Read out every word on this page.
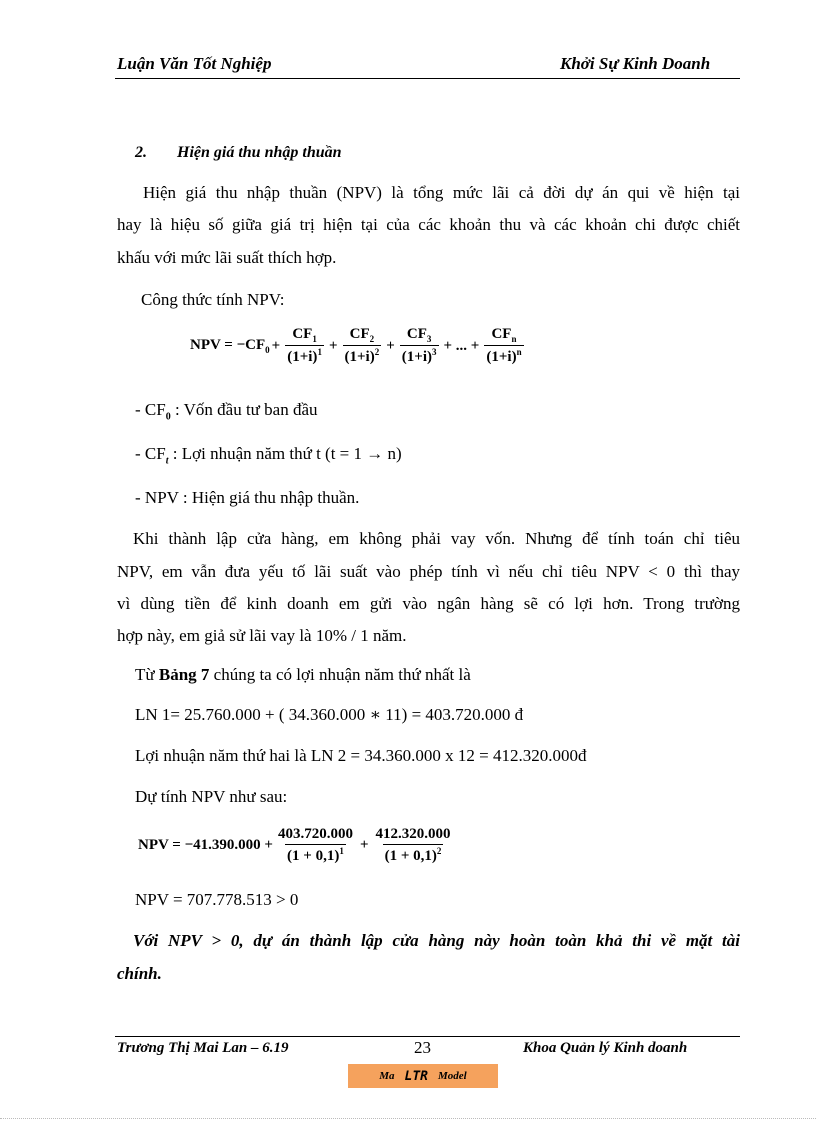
Luận Văn Tốt Nghiệp	Khởi Sự Kinh Doanh
2. Hiện giá thu nhập thuần
Hiện giá thu nhập thuần (NPV) là tổng mức lãi cả đời dự án qui về hiện tại
hay là hiệu số giữa giá trị hiện tại của các khoản thu và các khoản chi được chiết
khấu với mức lãi suất thích hợp.
Công thức tính NPV:
NPV = $-CF_0 + \frac{CF_1}{(1+i)^1} + \frac{CF_2}{(1+i)^2} + \frac{CF_3}{(1+i)^3}$ + ... + $\frac{CF_n}{(1+i)^n}$
- $CF_0$ : Vốn đầu tư ban đầu
- $CF_t$ : Lợi nhuận năm thứ t (t = 1 → n)
- NPV : Hiện giá thu nhập thuần.
Khi thành lập cửa hàng, em không phải vay vốn. Nhưng để tính toán chỉ tiêu
NPV, em vẫn đưa yếu tố lãi suất vào phép tính vì nếu chỉ tiêu NPV < 0 thì thay
vì dùng tiền để kinh doanh em gửi vào ngân hàng sẽ có lợi hơn. Trong trường
hợp này, em giả sử lãi vay là 10% / 1 năm.
Từ Bảng 7 chúng ta có lợi nhuận năm thứ nhất là
LN 1= 25.760.000 + ( 34.360.000 ∗ 11) = 403.720.000 đ
Lợi nhuận năm thứ hai là LN 2 = 34.360.000 x 12 = 412.320.000đ
Dự tính NPV như sau:
NPV = $-41.390.000 + \frac{403.720.000}{(1 + 0,1)^1} + \frac{412.320.000}{(1 + 0,1)^2}$
NPV = 707.778.513 > 0
Với NPV > 0, dự án thành lập cửa hàng này hoàn toàn khả thi về mặt tài
chính.
Trương Thị Mai Lan – 6.19	23	Khoa Quản lý Kinh doanh
Ma LTR Model
